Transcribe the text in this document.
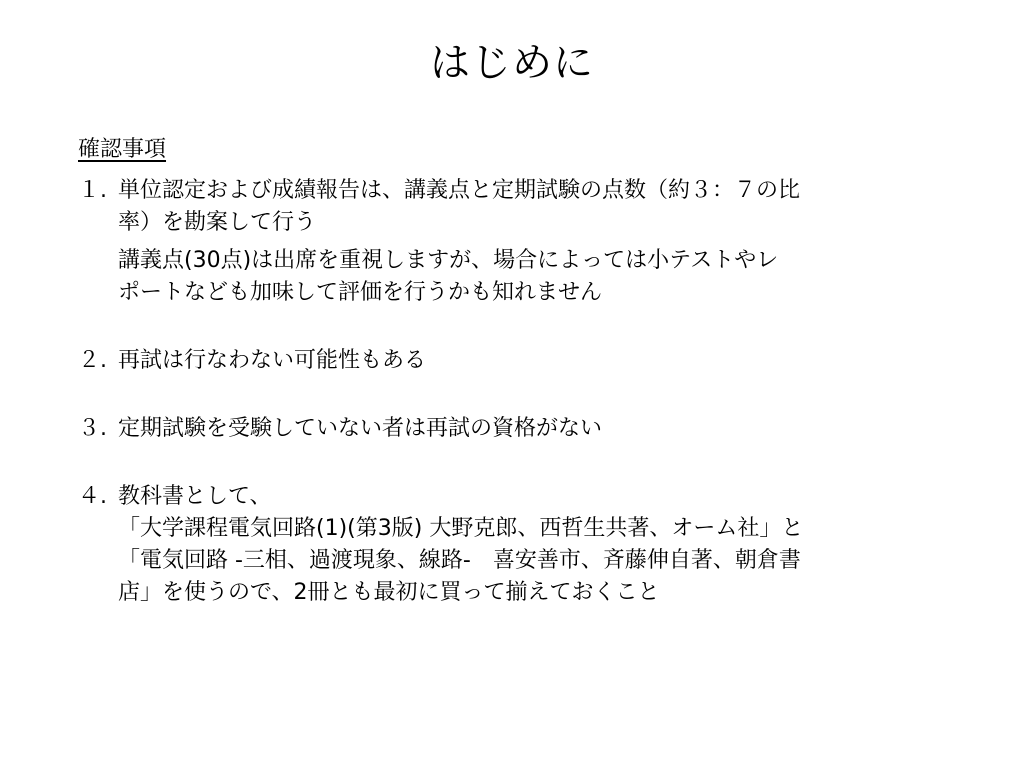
はじめに
確認事項
１. 単位認定および成績報告は、講義点と定期試験の点数（約３：７の比
率）を勘案して行う
講義点(30点)は出席を重視しますが、場合によっては小テストやレ
ポートなども加味して評価を行うかも知れません
２. 再試は行なわない可能性もある
３. 定期試験を受験していない者は再試の資格がない
４. 教科書として、
「大学課程電気回路(1)(第3版) 大野克郎、西哲生共著、オーム社」と
「電気回路 -三相、過渡現象、線路-　喜安善市、斉藤伸自著、朝倉書
店」を使うので、2冊とも最初に買って揃えておくこと
